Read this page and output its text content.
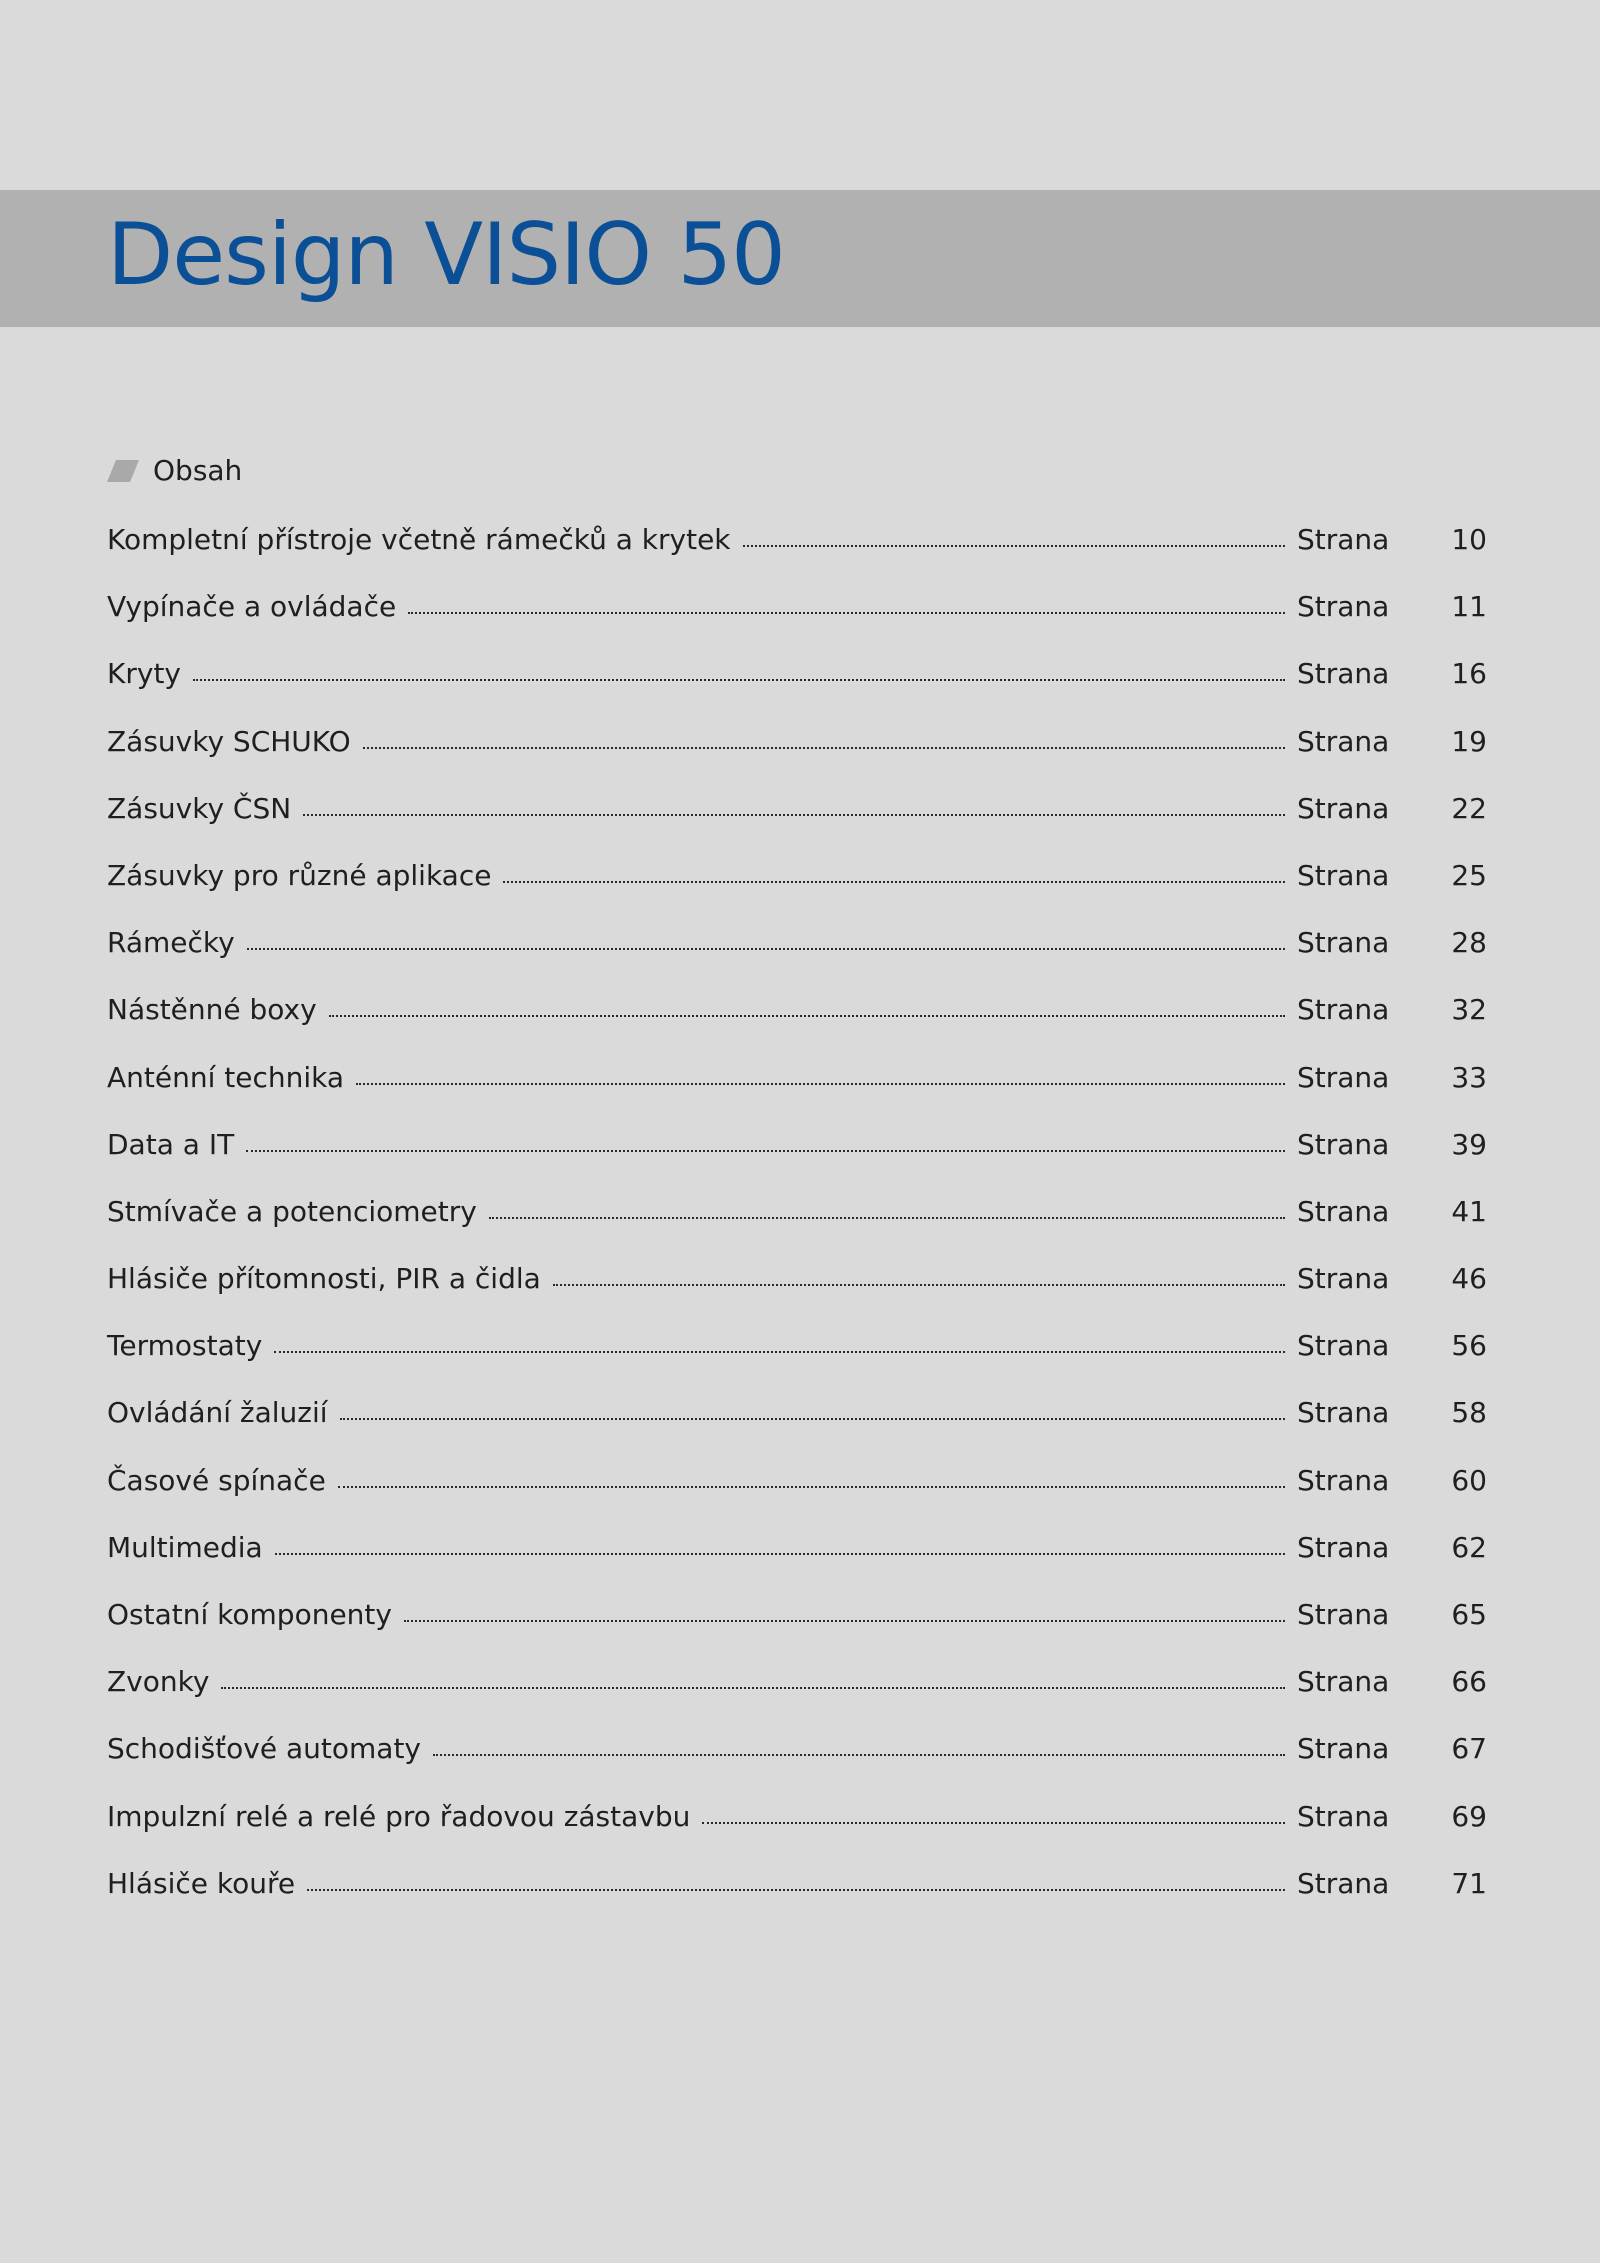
Design VISIO 50
Obsah
Kompletní přístroje včetně rámečků a krytek	Strana	10
Vypínače a ovládače	Strana	11
Kryty	Strana	16
Zásuvky SCHUKO	Strana	19
Zásuvky ČSN	Strana	22
Zásuvky pro různé aplikace	Strana	25
Rámečky	Strana	28
Nástěnné boxy	Strana	32
Anténní technika	Strana	33
Data a IT	Strana	39
Stmívače a potenciometry	Strana	41
Hlásiče přítomnosti, PIR a čidla	Strana	46
Termostaty	Strana	56
Ovládání žaluzií	Strana	58
Časové spínače	Strana	60
Multimedia	Strana	62
Ostatní komponenty	Strana	65
Zvonky	Strana	66
Schodišťové automaty	Strana	67
Impulzní relé a relé pro řadovou zástavbu	Strana	69
Hlásiče kouře	Strana	71
